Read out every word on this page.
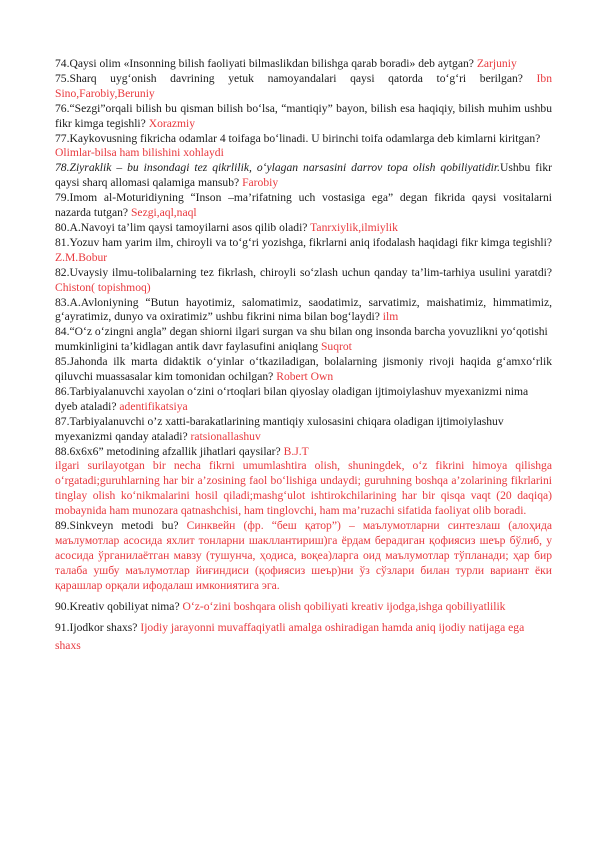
74.Qaysi olim «Insonning bilish faoliyati bilmaslikdan bilishga qarab boradi» deb aytgan? Zarjuniy

75.Sharq uyg‘onish davrining yetuk namoyandalari qaysi qatorda to‘g‘ri berilgan? Ibn Sino,Farobiy,Beruniy

76.“Sezgi”orqali bilish bu qisman bilish bo‘lsa, “mantiqiy” bayon, bilish esa haqiqiy, bilish muhim ushbu fikr kimga tegishli? Xorazmiy

77.Kaykovusning fikricha odamlar 4 toifaga bo‘linadi. U birinchi toifa odamlarga deb kimlarni kiritgan? Olimlar-bilsa ham bilishini xohlaydi

78.Ziyraklik – bu insondagi tez qikrlilik, o‘ylagan narsasini darrov topa olish qobiliyatidir.Ushbu fikr qaysi sharq allomasi qalamiga mansub? Farobiy

79.Imom al-Moturidiyning “Inson –ma’rifatning uch vostasiga ega” degan fikrida qaysi vositalarni nazarda tutgan? Sezgi,aql,naql

80.A.Navoyi ta’lim qaysi tamoyilarni asos qilib oladi? Tanrxiylik,ilmiylik

81.Yozuv ham yarim ilm, chiroyli va to‘g‘ri yozishga, fikrlarni aniq ifodalash haqidagi fikr kimga tegishli? Z.M.Bobur

82.Uvaysiy ilmu-tolibalarning tez fikrlash, chiroyli so‘zlash uchun qanday ta’lim-tarhiya usulini yaratdi? Chiston( topishmoq)

83.A.Avloniyning “Butun hayotimiz, salomatimiz, saodatimiz, sarvatimiz, maishatimiz, himmatimiz, g‘ayratimiz, dunyo va oxiratimiz” ushbu fikrini nima bilan bog‘laydi? ilm

84.“O‘z o‘zingni angla” degan shiorni ilgari surgan va shu bilan ong insonda barcha yovuzlikni yo‘qotishi mumkinligini ta’kidlagan antik davr faylasufini aniqlang Suqrot

85.Jahonda ilk marta didaktik o‘yinlar o‘tkaziladigan, bolalarning jismoniy rivoji haqida g‘amxo‘rlik qiluvchi muassasalar kim tomonidan ochilgan? Robert Own

86.Tarbiyalanuvchi xayolan o‘zini o‘rtoqlari bilan qiyoslay oladigan ijtimoiylashuv myexanizmi nima dyeb ataladi? adentifikatsiya

87.Tarbiyalanuvchi o’z xatti-barakatlarining mantiqiy xulosasini chiqara oladigan ijtimoiylashuv myexanizmi qanday ataladi? ratsionallashuv

88.6x6x6” metodining afzallik jihatlari qaysilar? B.J.T

ilgari surilayotgan bir necha fikrni umumlashtira olish, shuningdek, o‘z fikrini himoya qilishga o‘rgatadi;guruhlarning har bir a’zosining faol bo‘lishiga undaydi; guruhning boshqa a’zolarining fikrlarini tinglay olish ko‘nikmalarini hosil qiladi;mashg‘ulot ishtirokchilarining har bir qisqa vaqt (20 daqiqa) mobaynida ham munozara qatnashchisi, ham tinglovchi, ham ma’ruzachi sifatida faoliyat olib boradi.

89.Sinkveyn metodi bu? Синквейн (фр. “беш қатор”) – маълумотларни синтезлаш (алоҳида маълумотлар асосида яхлит тонларни шакллантириш)га ёрдам берадиган қофиясиз шеър бўлиб, у асосида ўрганилаётган мавзу (тушунча, ҳодиса, воқеа)ларга оид маълумотлар тўпланади; ҳар бир талаба ушбу маълумотлар йиғиндиси (қофиясиз шеър)ни ўз сўзлари билан турли вариант ёки қарашлар орқали ифодалаш имкониятига эга.

90.Kreativ qobiliyat nima? O‘z-o‘zini boshqara olish qobiliyati kreativ ijodga,ishga qobiliyatlilik

91.Ijodkor shaxs? Ijodiy jarayonni muvaffaqiyatli amalga oshiradigan hamda aniq ijodiy natijaga ega shaxs
